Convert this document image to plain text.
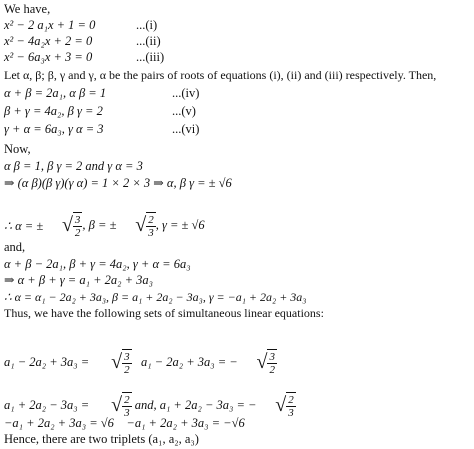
We have,
x² − 2 a₁x + 1 = 0	...(i)
x² − 4a₂x + 2 = 0	...(ii)
x² − 6a₃x + 3 = 0	...(iii)
Let α, β; β, γ and γ, α be the pairs of roots of equations (i), (ii) and (iii) respectively. Then,
α + β = 2a₁, α β = 1	...(iv)
β + γ = 4a₂, β γ = 2	...(v)
γ + α = 6a₃, γ α = 3	...(vi)
Now,
α β = 1, β γ = 2 and γ α = 3
⇒ (α β)(β γ)(γ α) = 1 × 2 × 3 ⇒ α, β γ = ± √6
∴ α = ± √ $\frac{3}{2}$

, β = ± √ $\frac{2}{3}$

, γ = ± √6
and,
α + β − 2a₁, β + γ = 4a₂, γ + α = 6a₃
⇒ α + β + γ = a₁ + 2a₂ + 3a₃
∴ α = α₁ − 2a₂ + 3a₃, β = a₁ + 2a₂ − 3a₃, γ = −a₁ + 2a₂ + 3a₃
Thus, we have the following sets of simultaneous linear equations:
a₁ − 2a₂ + 3a₃ = √ $\frac{3}{2}$

a₁ − 2a₂ + 3a₃ = − √ $\frac{3}{2}$

a₁ + 2a₂ − 3a₃ = √ $\frac{2}{3}$

and, a₁ + 2a₂ − 3a₃ = − √ $\frac{2}{3}$

−a₁ + 2a₂ + 3a₃ = √6    −a₁ + 2a₂ + 3a₃ = −√6
Hence, there are two triplets (a₁, a₂, a₃)
